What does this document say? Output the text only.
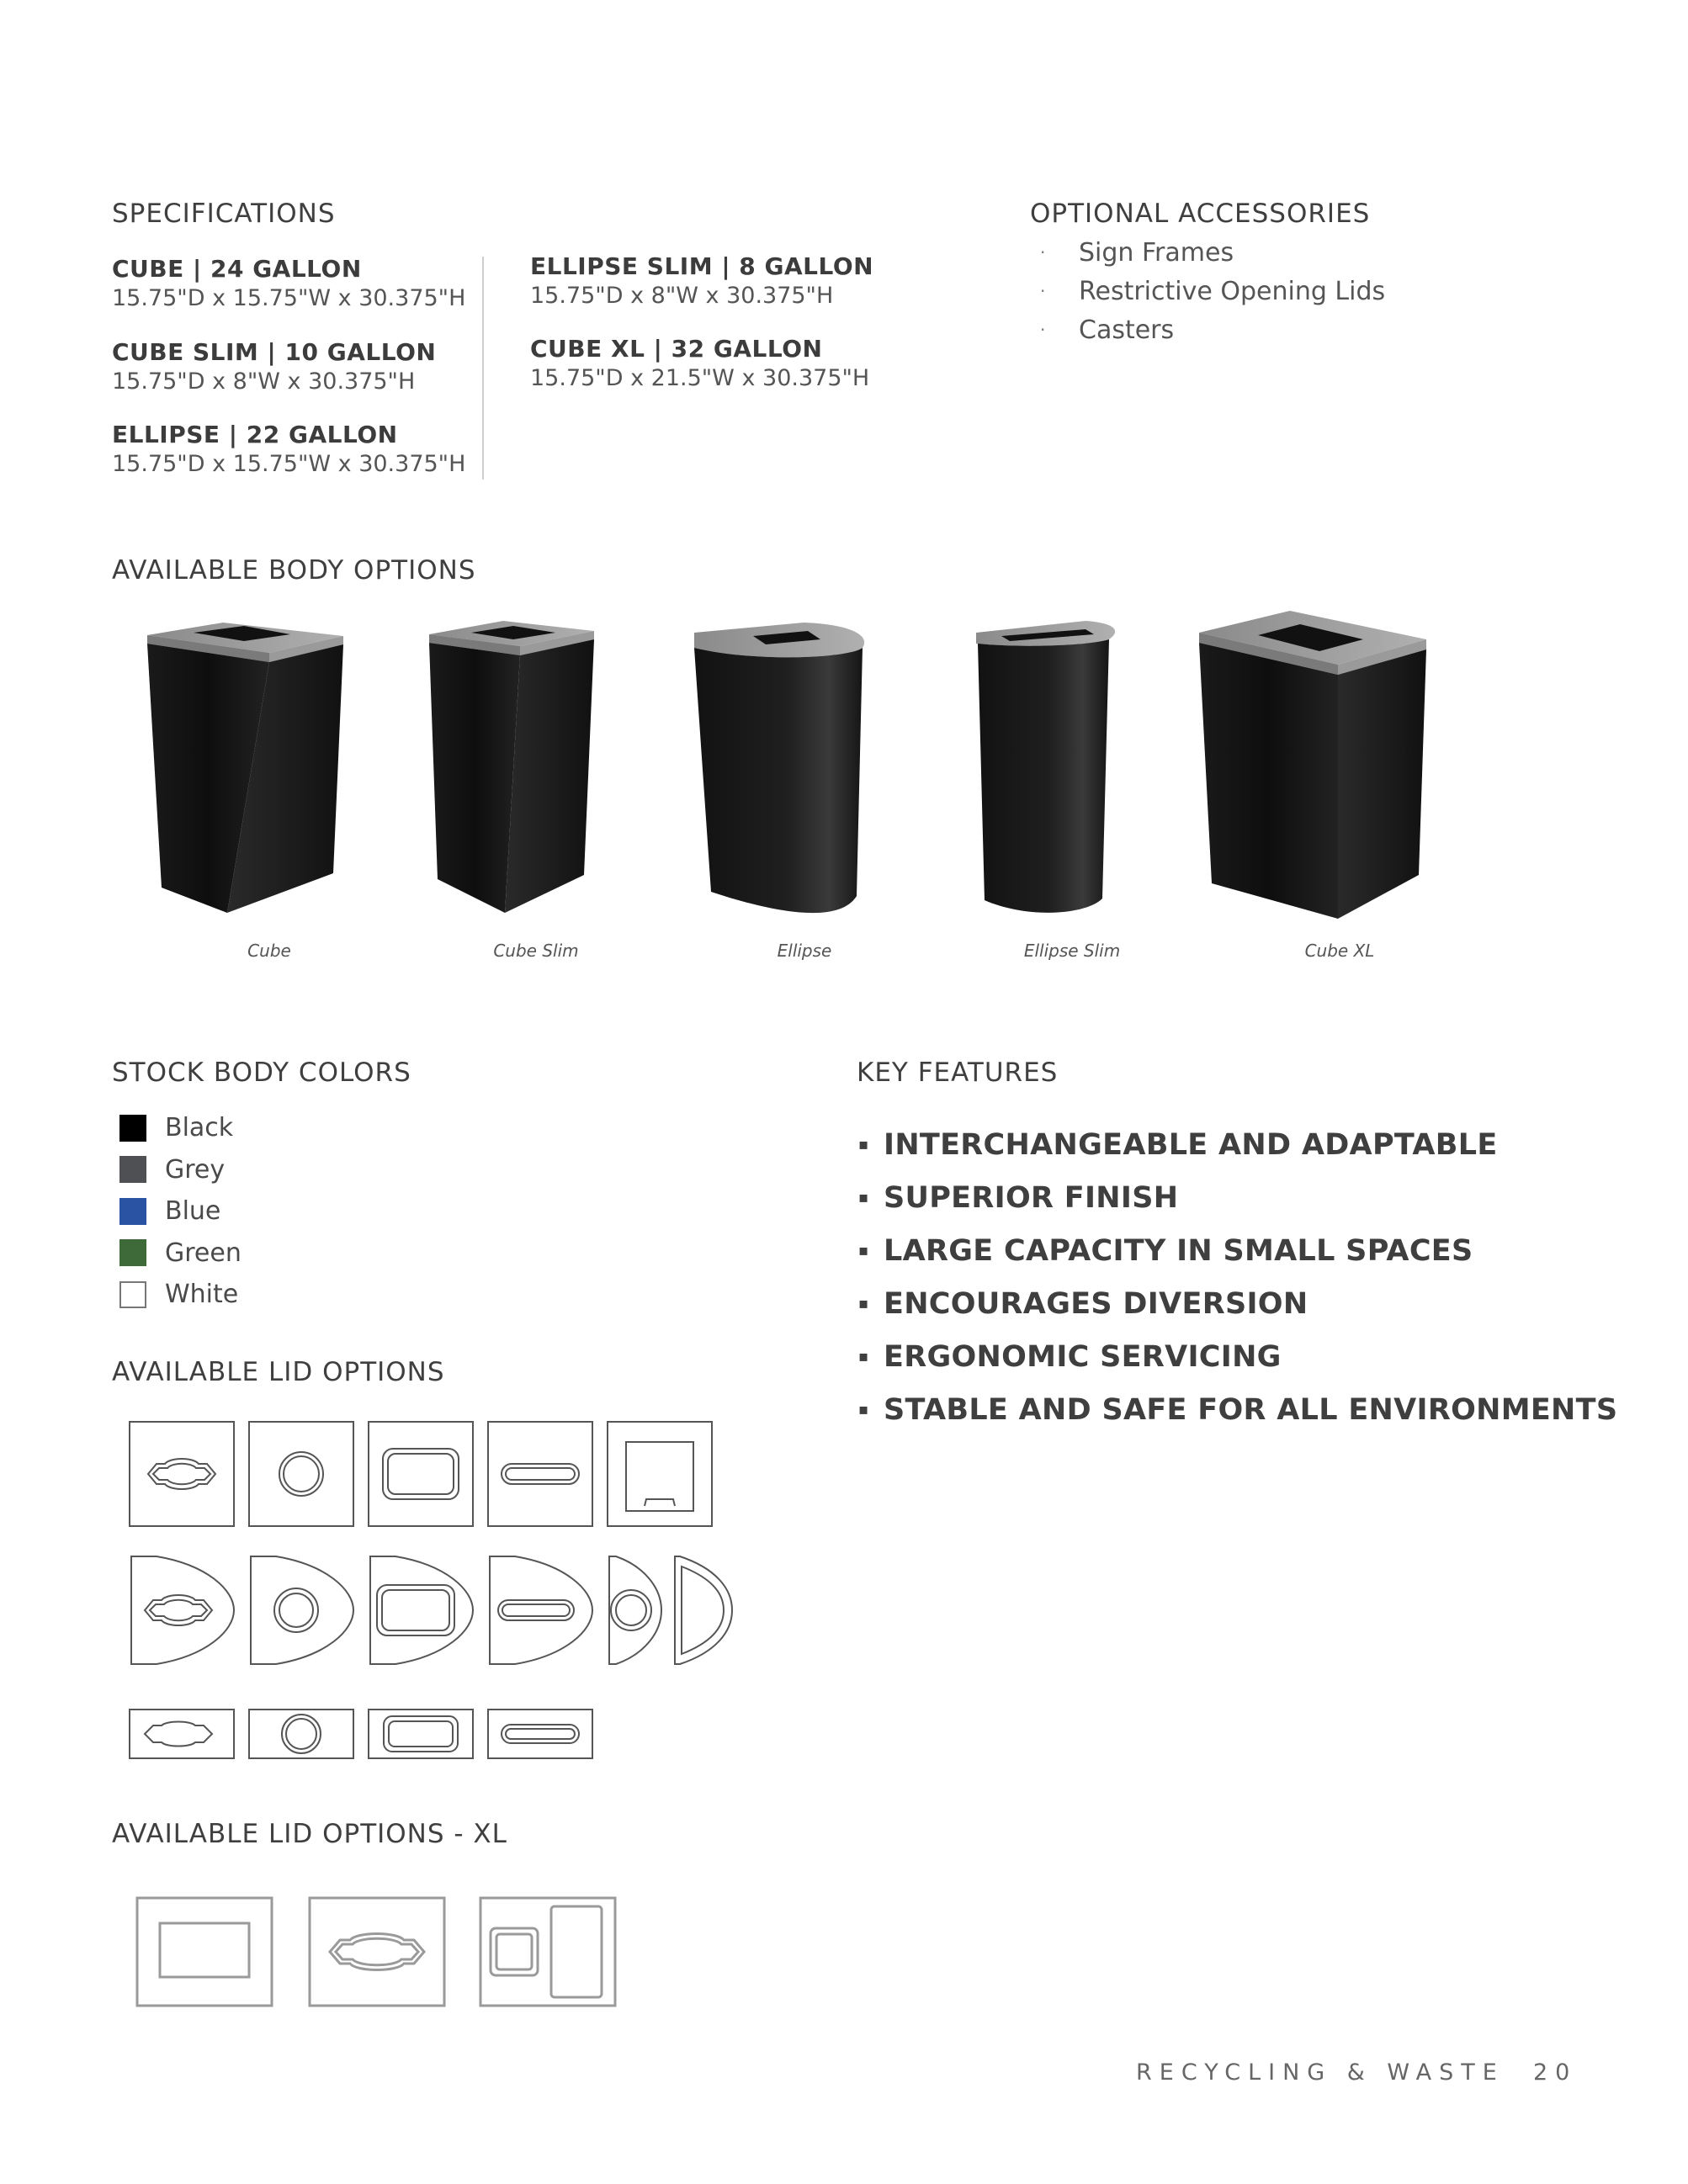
SPECIFICATIONS
CUBE | 24 GALLON
15.75"D x 15.75"W x 30.375"H
CUBE SLIM | 10 GALLON
15.75"D x 8"W x 30.375"H
ELLIPSE | 22 GALLON
15.75"D x 15.75"W x 30.375"H
ELLIPSE SLIM | 8 GALLON
15.75"D x 8"W x 30.375"H
CUBE XL | 32 GALLON
15.75"D x 21.5"W x 30.375"H
OPTIONAL ACCESSORIES
·	Sign Frames
·	Restrictive Opening Lids
·	Casters
AVAILABLE BODY OPTIONS
Cube	Cube Slim	Ellipse	Ellipse Slim	Cube XL
STOCK BODY COLORS
Black
Grey
Blue
Green
White
KEY FEATURES
▪ INTERCHANGEABLE AND ADAPTABLE
▪ SUPERIOR FINISH
▪ LARGE CAPACITY IN SMALL SPACES
▪ ENCOURAGES DIVERSION
▪ ERGONOMIC SERVICING
▪ STABLE AND SAFE FOR ALL ENVIRONMENTS
AVAILABLE LID OPTIONS
AVAILABLE LID OPTIONS - XL
RECYCLING & WASTE 20
